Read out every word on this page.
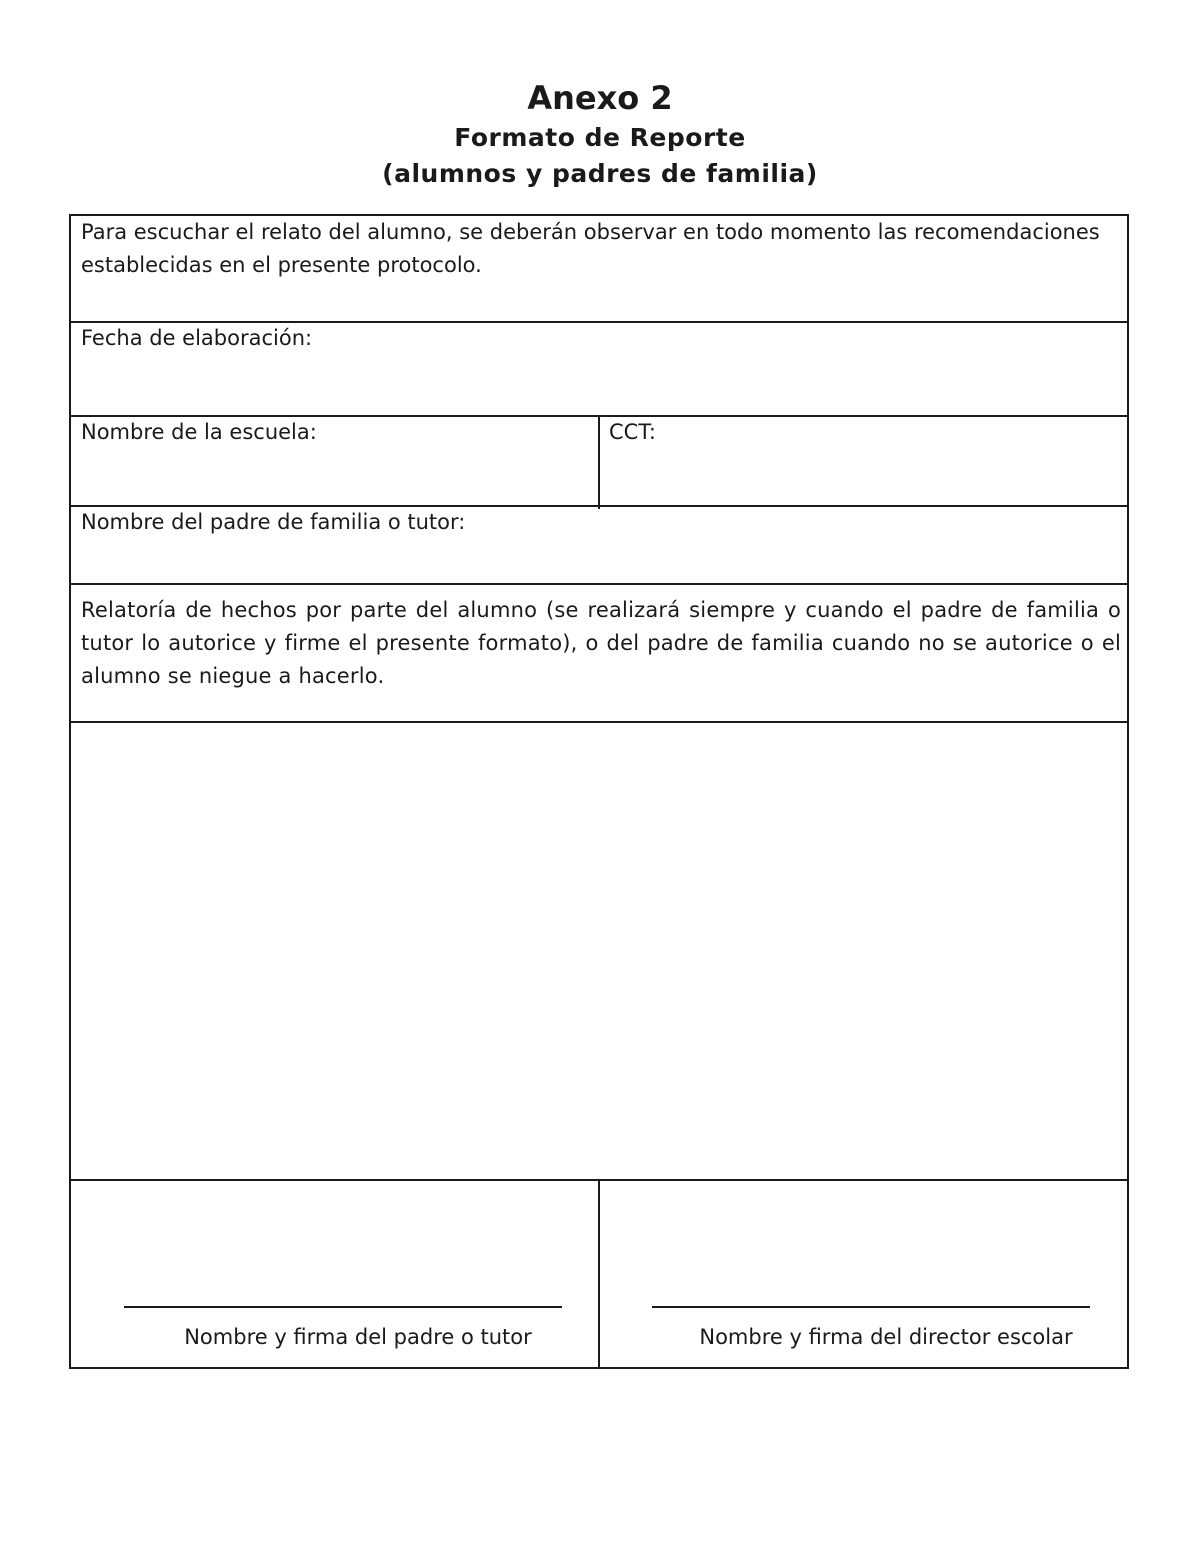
Anexo 2
Formato de Reporte
(alumnos y padres de familia)
Para escuchar el relato del alumno, se deberán observar en todo momento las recomendaciones
establecidas en el presente protocolo.
Fecha de elaboración:
Nombre de la escuela:	CCT:
Nombre del padre de familia o tutor:
Relatoría de hechos por parte del alumno (se realizará siempre y cuando el padre de familia o tutor lo autorice y firme el presente formato), o del padre de familia cuando no se autorice o el alumno se niegue a hacerlo.
Nombre y firma del padre o tutor	Nombre y firma del director escolar
